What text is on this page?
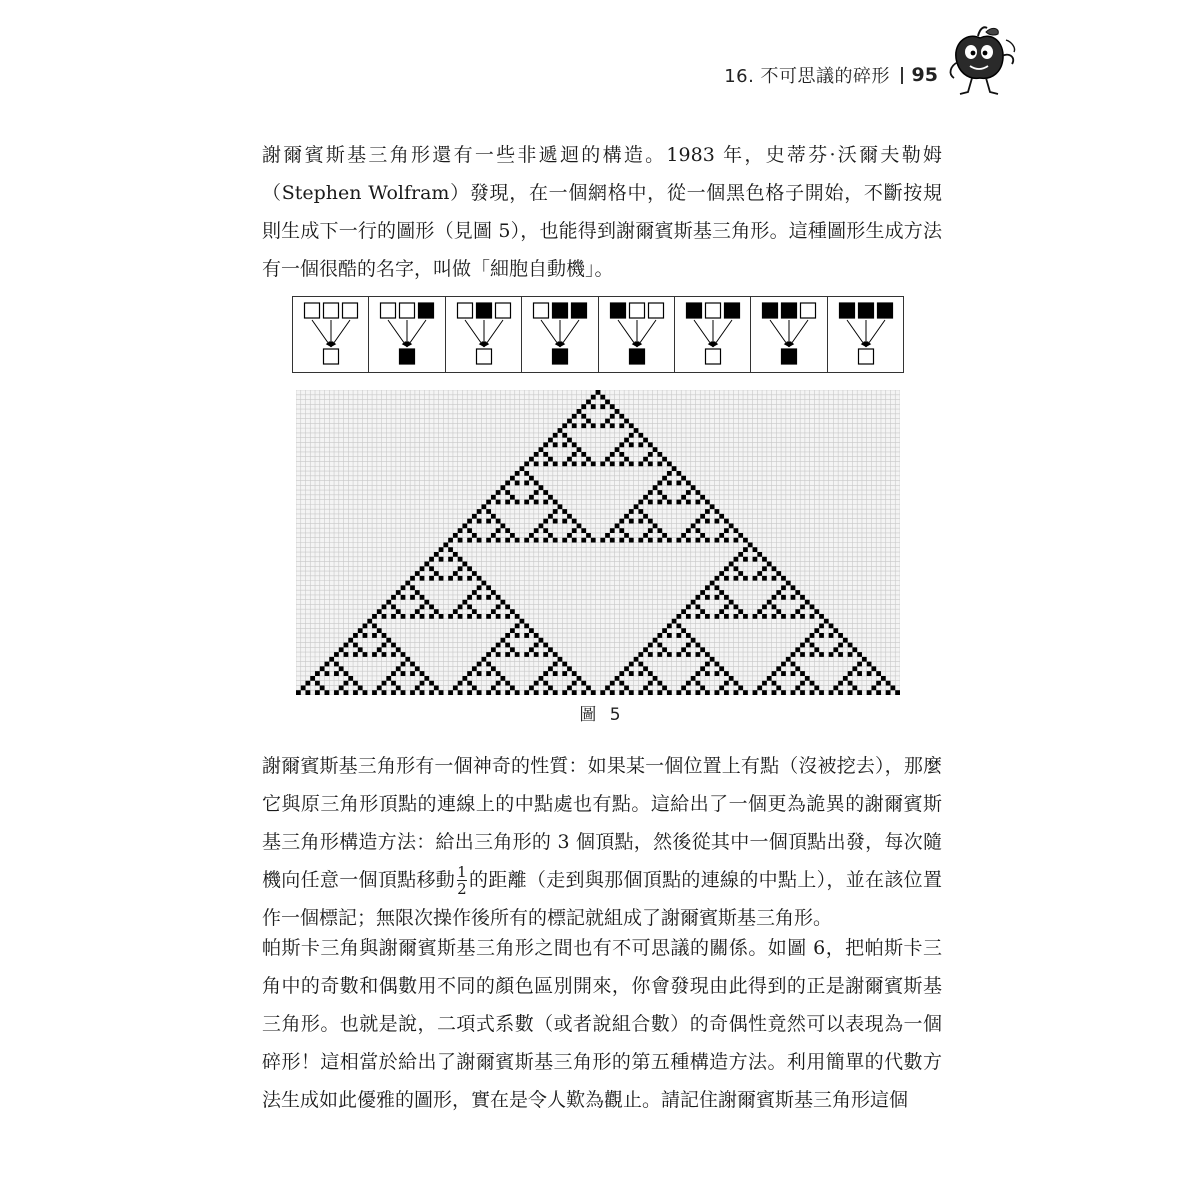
16. 不可思議的碎形 95

謝爾賓斯基三角形還有一些非遞迴的構造。1983 年，史蒂芬·沃爾夫勒姆（Stephen Wolfram）發現，在一個網格中，從一個黑色格子開始，不斷按規則生成下一行的圖形（見圖 5），也能得到謝爾賓斯基三角形。這種圖形生成方法有一個很酷的名字，叫做「細胞自動機」。

圖 5

謝爾賓斯基三角形有一個神奇的性質：如果某一個位置上有點（沒被挖去），那麼它與原三角形頂點的連線上的中點處也有點。這給出了一個更為詭異的謝爾賓斯基三角形構造方法：給出三角形的 3 個頂點，然後從其中一個頂點出發，每次隨機向任意一個頂點移動 $\frac{1}{2}$ 的距離（走到與那個頂點的連線的中點上），並在該位置作一個標記；無限次操作後所有的標記就組成了謝爾賓斯基三角形。

帕斯卡三角與謝爾賓斯基三角形之間也有不可思議的關係。如圖 6，把帕斯卡三角中的奇數和偶數用不同的顏色區別開來，你會發現由此得到的正是謝爾賓斯基三角形。也就是說，二項式系數（或者說組合數）的奇偶性竟然可以表現為一個碎形！這相當於給出了謝爾賓斯基三角形的第五種構造方法。利用簡單的代數方法生成如此優雅的圖形，實在是令人歎為觀止。請記住謝爾賓斯基三角形這個
